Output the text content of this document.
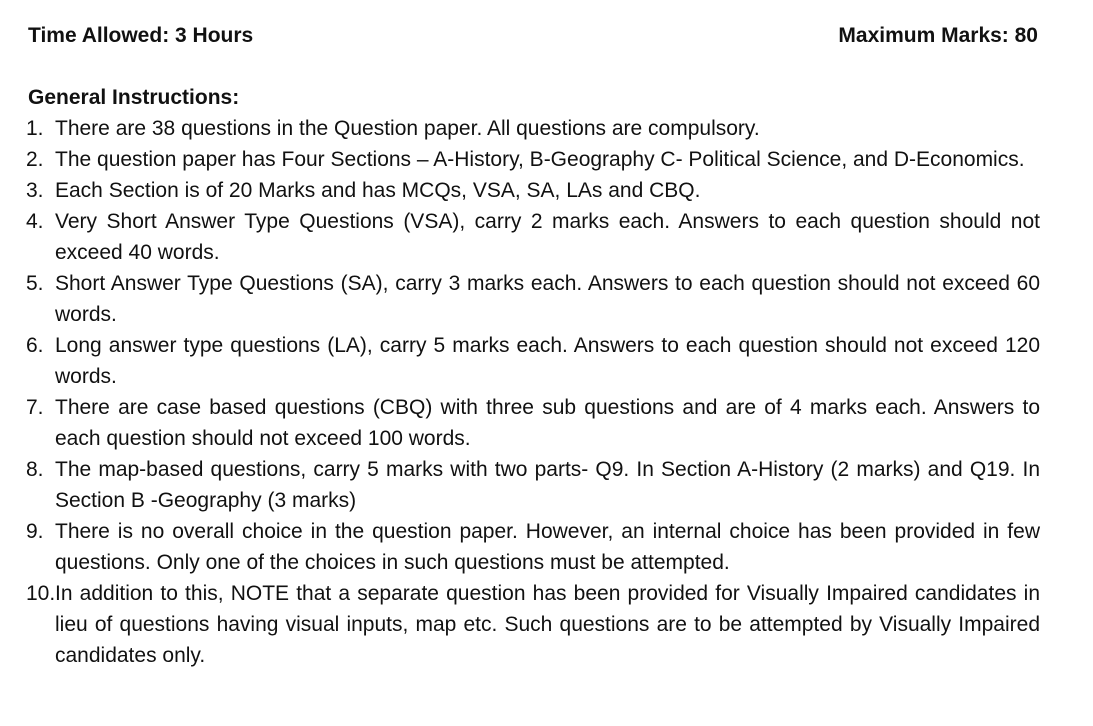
Time Allowed: 3 Hours	Maximum Marks: 80
General Instructions:
1. There are 38 questions in the Question paper. All questions are compulsory.
2. The question paper has Four Sections – A-History, B-Geography C- Political Science, and D-Economics.
3. Each Section is of 20 Marks and has MCQs, VSA, SA, LAs and CBQ.
4. Very Short Answer Type Questions (VSA), carry 2 marks each. Answers to each question should not exceed 40 words.
5. Short Answer Type Questions (SA), carry 3 marks each. Answers to each question should not exceed 60 words.
6. Long answer type questions (LA), carry 5 marks each. Answers to each question should not exceed 120 words.
7. There are case based questions (CBQ) with three sub questions and are of 4 marks each. Answers to each question should not exceed 100 words.
8. The map-based questions, carry 5 marks with two parts- Q9. In Section A-History (2 marks) and Q19. In Section B -Geography (3 marks)
9. There is no overall choice in the question paper. However, an internal choice has been provided in few questions. Only one of the choices in such questions must be attempted.
10. In addition to this, NOTE that a separate question has been provided for Visually Impaired candidates in lieu of questions having visual inputs, map etc. Such questions are to be attempted by Visually Impaired candidates only.
